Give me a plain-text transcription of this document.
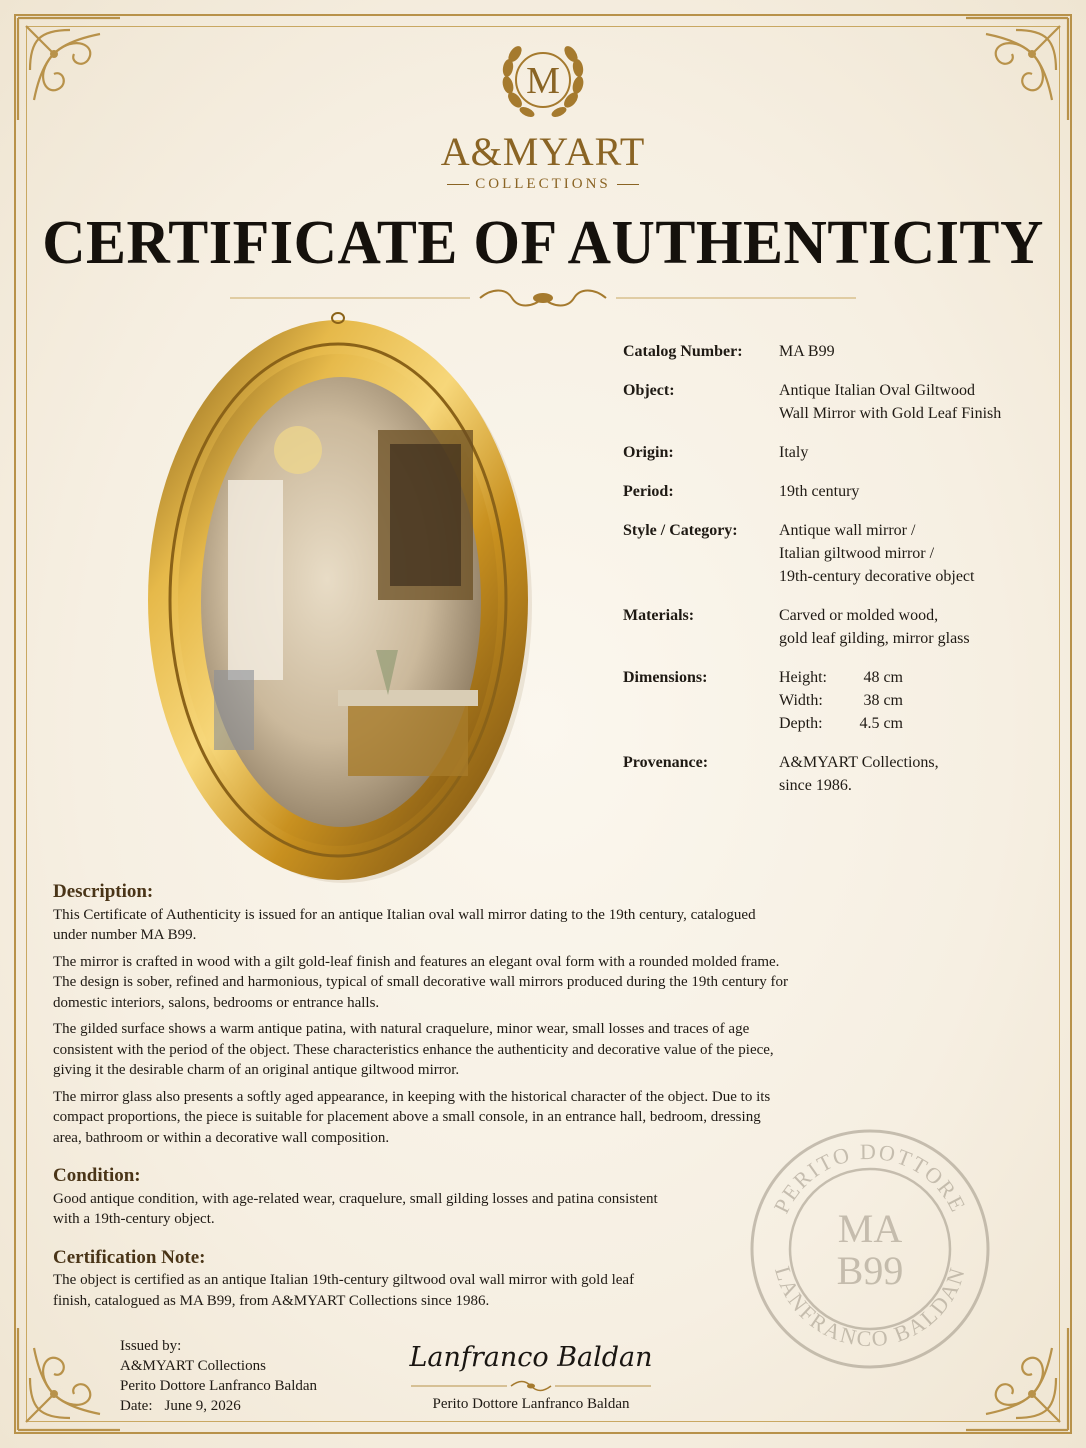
M
A&MYART
COLLECTIONS
CERTIFICATE OF AUTHENTICITY
Catalog Number:	MA B99
Object:	Antique Italian Oval Giltwood
Wall Mirror with Gold Leaf Finish
Origin:	Italy
Period:	19th century
Style / Category:	Antique wall mirror /
Italian giltwood mirror /
19th-century decorative object
Materials:	Carved or molded wood,
gold leaf gilding, mirror glass
Dimensions:	Height:	48 cm
Width:	38 cm
Depth:	4.5 cm
Provenance:	A&MYART Collections,
since 1986.
Description:

This Certificate of Authenticity is issued for an antique Italian oval wall mirror dating to the 19th century, catalogued under number MA B99.

The mirror is crafted in wood with a gilt gold-leaf finish and features an elegant oval form with a rounded molded frame. The design is sober, refined and harmonious, typical of small decorative wall mirrors produced during the 19th century for domestic interiors, salons, bedrooms or entrance halls.

The gilded surface shows a warm antique patina, with natural craquelure, minor wear, small losses and traces of age consistent with the period of the object. These characteristics enhance the authenticity and decorative value of the piece, giving it the desirable charm of an original antique giltwood mirror.

The mirror glass also presents a softly aged appearance, in keeping with the historical character of the object. Due to its compact proportions, the piece is suitable for placement above a small console, in an entrance hall, bedroom, dressing area, bathroom or within a decorative wall composition.

Condition:

Good antique condition, with age-related wear, craquelure, small gilding losses and patina consistent with a 19th-century object.

Certification Note:

The object is certified as an antique Italian 19th-century giltwood oval wall mirror with gold leaf finish, catalogued as MA B99, from A&MYART Collections since 1986.

PERITO DOTTORE
LANFRANCO BALDAN
MA
B99
Issued by:
A&MYART Collections
Perito Dottore Lanfranco Baldan
Date: June 9, 2026
Lanfranco Baldan
Perito Dottore Lanfranco Baldan
